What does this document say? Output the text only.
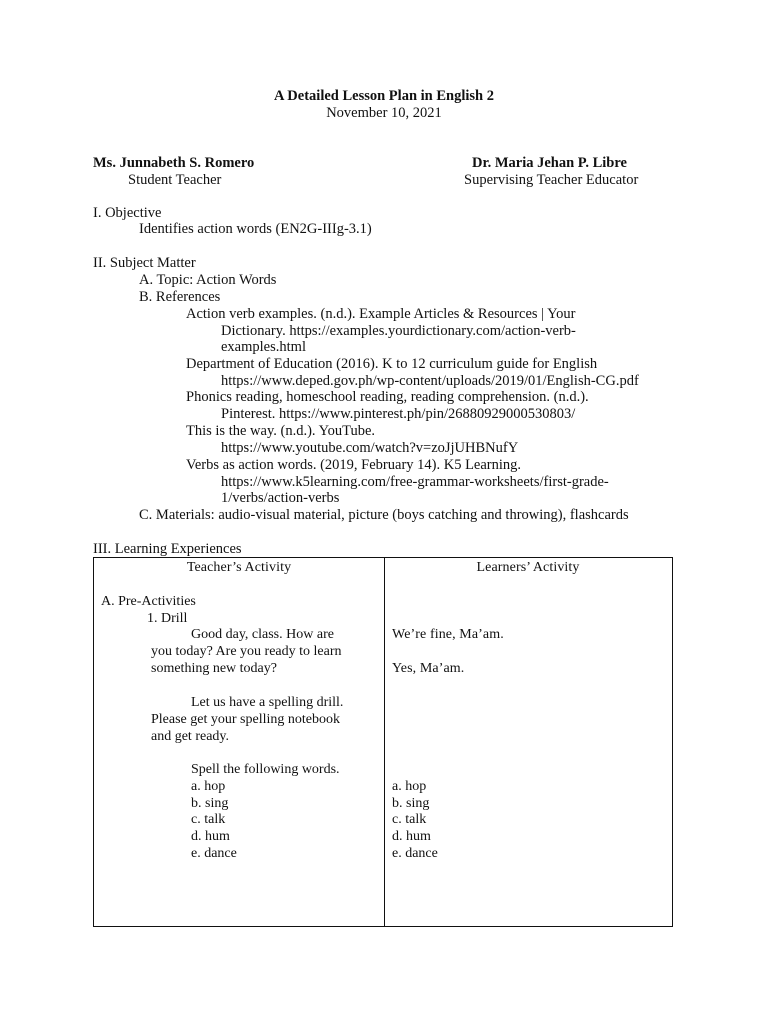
A Detailed Lesson Plan in English 2
November 10, 2021
Ms. Junnabeth S. Romero
Student Teacher
Dr. Maria Jehan P. Libre
Supervising Teacher Educator
I. Objective
Identifies action words (EN2G-IIIg-3.1)
II. Subject Matter
A. Topic: Action Words
B. References
Action verb examples. (n.d.). Example Articles & Resources | Your
Dictionary. https://examples.yourdictionary.com/action-verb-
examples.html
Department of Education (2016). K to 12 curriculum guide for English
https://www.deped.gov.ph/wp-content/uploads/2019/01/English-CG.pdf
Phonics reading, homeschool reading, reading comprehension. (n.d.).
Pinterest. https://www.pinterest.ph/pin/26880929000530803/
This is the way. (n.d.). YouTube.
https://www.youtube.com/watch?v=zoJjUHBNufY
Verbs as action words. (2019, February 14). K5 Learning.
https://www.k5learning.com/free-grammar-worksheets/first-grade-
1/verbs/action-verbs
C. Materials: audio-visual material, picture (boys catching and throwing), flashcards
III. Learning Experiences
Teacher’s Activity	Learners’ Activity
A. Pre-Activities
1. Drill
Good day, class. How are
you today? Are you ready to learn
something new today?
Let us have a spelling drill.
Please get your spelling notebook
and get ready.
Spell the following words.
a. hop
b. sing
c. talk
d. hum
e. dance
We’re fine, Ma’am.
Yes, Ma’am.
a. hop
b. sing
c. talk
d. hum
e. dance
